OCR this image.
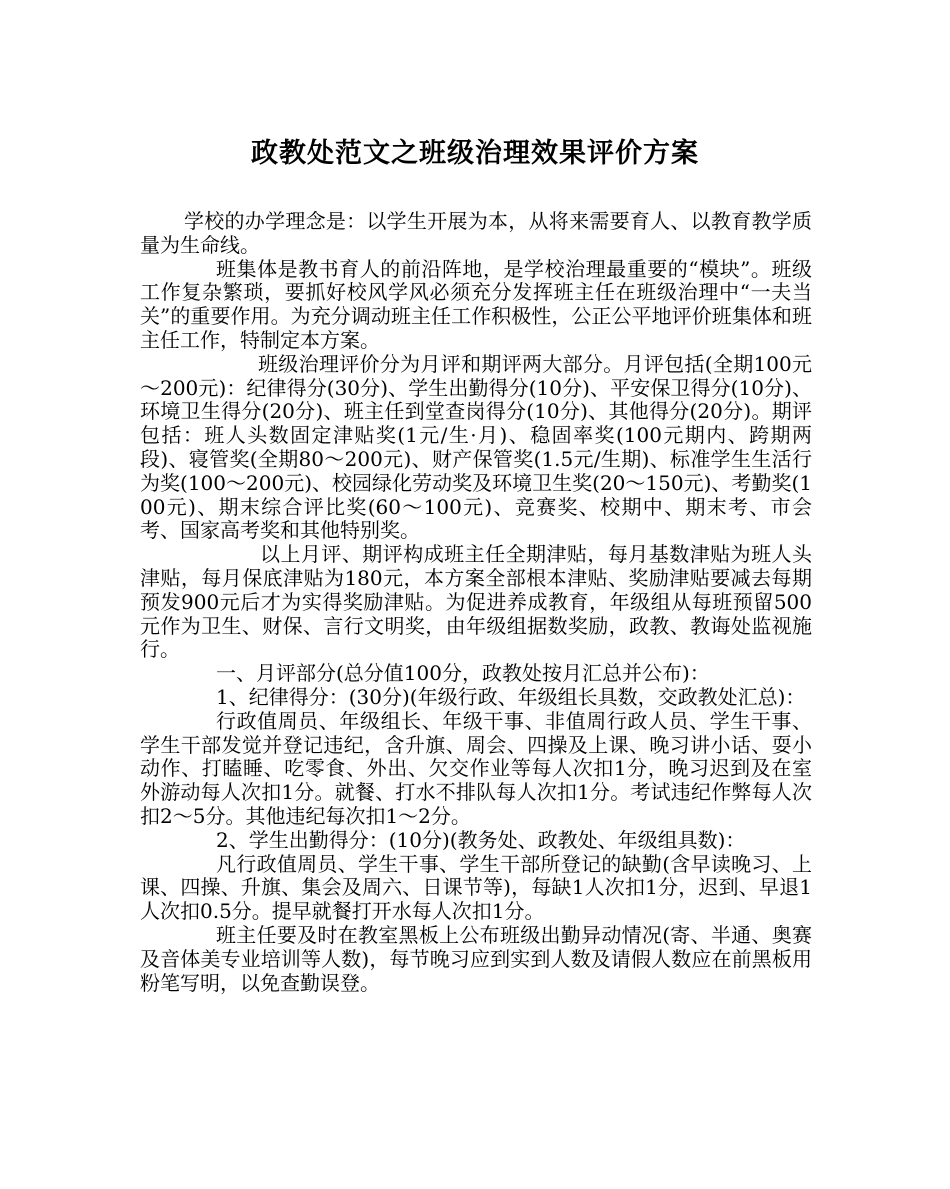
政教处范文之班级治理效果评价方案

学校的办学理念是：以学生开展为本，从将来需要育人、以教育教学质量为生命线。

班集体是教书育人的前沿阵地，是学校治理最重要的“模块”。班级工作复杂繁琐，要抓好校风学风必须充分发挥班主任在班级治理中“一夫当关”的重要作用。为充分调动班主任工作积极性，公正公平地评价班集体和班主任工作，特制定本方案。

班级治理评价分为月评和期评两大部分。月评包括(全期100元～200元)：纪律得分(30分)、学生出勤得分(10分)、平安保卫得分(10分)、环境卫生得分(20分)、班主任到堂查岗得分(10分)、其他得分(20分)。期评包括：班人头数固定津贴奖(1元/生·月)、稳固率奖(100元期内、跨期两段)、寝管奖(全期80～200元)、财产保管奖(1.5元/生期)、标准学生生活行为奖(100～200元)、校园绿化劳动奖及环境卫生奖(20～150元)、考勤奖(100元)、期末综合评比奖(60～100元)、竞赛奖、校期中、期末考、市会考、国家高考奖和其他特别奖。

以上月评、期评构成班主任全期津贴，每月基数津贴为班人头津贴，每月保底津贴为180元，本方案全部根本津贴、奖励津贴要减去每期预发900元后才为实得奖励津贴。为促进养成教育，年级组从每班预留500元作为卫生、财保、言行文明奖，由年级组据数奖励，政教、教诲处监视施行。

一、月评部分(总分值100分，政教处按月汇总并公布)：

1、纪律得分：(30分)(年级行政、年级组长具数，交政教处汇总)：

行政值周员、年级组长、年级干事、非值周行政人员、学生干事、学生干部发觉并登记违纪，含升旗、周会、四操及上课、晚习讲小话、耍小动作、打瞌睡、吃零食、外出、欠交作业等每人次扣1分，晚习迟到及在室外游动每人次扣1分。就餐、打水不排队每人次扣1分。考试违纪作弊每人次扣2～5分。其他违纪每次扣1～2分。

2、学生出勤得分：(10分)(教务处、政教处、年级组具数)：

凡行政值周员、学生干事、学生干部所登记的缺勤(含早读晚习、上课、四操、升旗、集会及周六、日课节等)，每缺1人次扣1分，迟到、早退1人次扣0.5分。提早就餐打开水每人次扣1分。

班主任要及时在教室黑板上公布班级出勤异动情况(寄、半通、奥赛及音体美专业培训等人数)，每节晚习应到实到人数及请假人数应在前黑板用粉笔写明，以免查勤误登。
